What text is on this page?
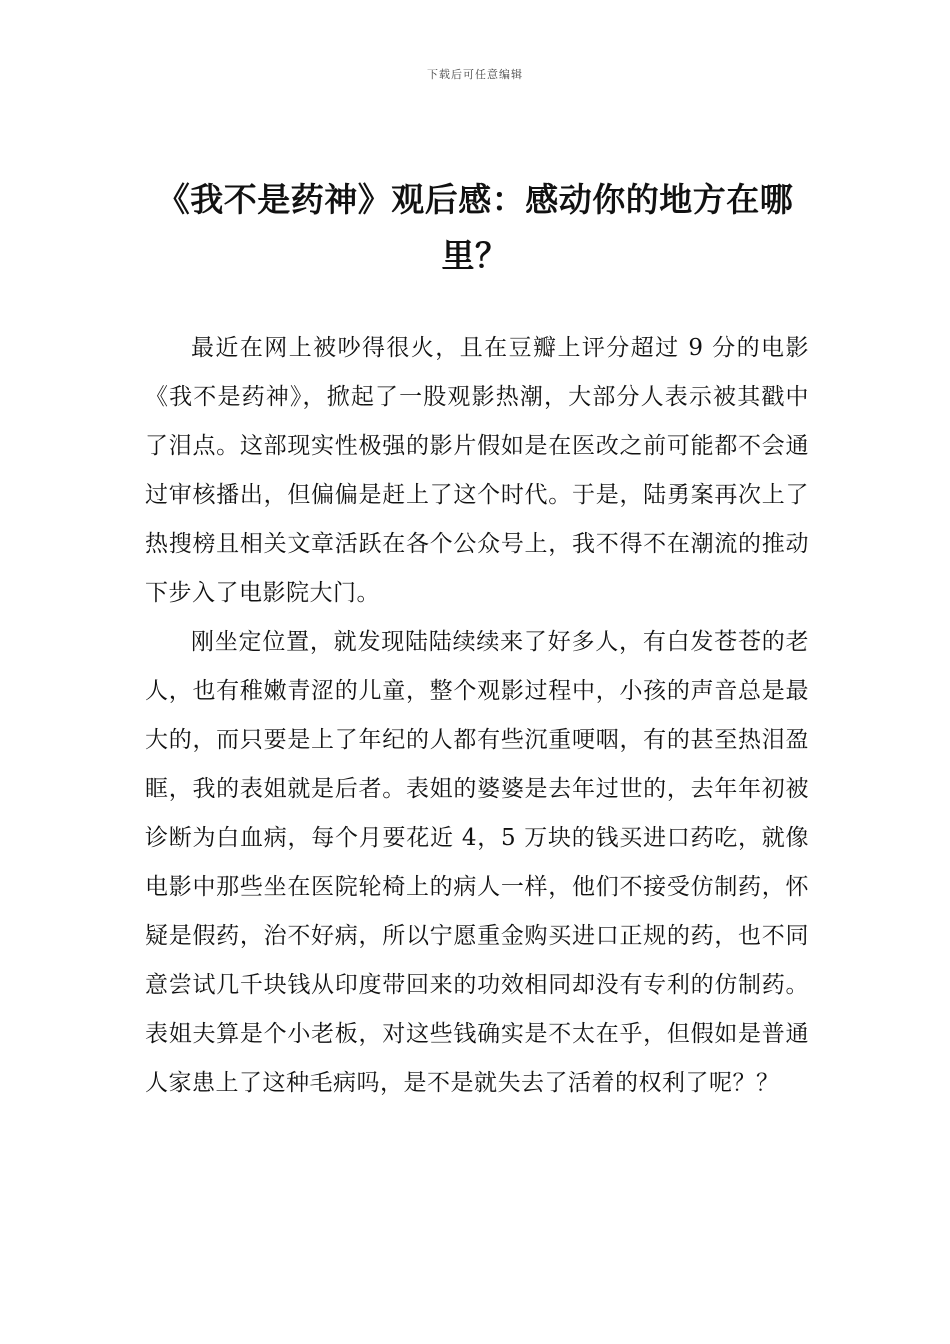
下载后可任意编辑
《我不是药神》观后感：感动你的地方在哪里？

最近在网上被吵得很火，且在豆瓣上评分超过 9 分的电影《我不是药神》，掀起了一股观影热潮，大部分人表示被其戳中了泪点。这部现实性极强的影片假如是在医改之前可能都不会通过审核播出，但偏偏是赶上了这个时代。于是，陆勇案再次上了热搜榜且相关文章活跃在各个公众号上，我不得不在潮流的推动下步入了电影院大门。

刚坐定位置，就发现陆陆续续来了好多人，有白发苍苍的老人，也有稚嫩青涩的儿童，整个观影过程中，小孩的声音总是最大的，而只要是上了年纪的人都有些沉重哽咽，有的甚至热泪盈眶，我的表姐就是后者。表姐的婆婆是去年过世的，去年年初被诊断为白血病，每个月要花近 4，5 万块的钱买进口药吃，就像电影中那些坐在医院轮椅上的病人一样，他们不接受仿制药，怀疑是假药，治不好病，所以宁愿重金购买进口正规的药，也不同意尝试几千块钱从印度带回来的功效相同却没有专利的仿制药。表姐夫算是个小老板，对这些钱确实是不太在乎，但假如是普通人家患上了这种毛病吗，是不是就失去了活着的权利了呢？？
